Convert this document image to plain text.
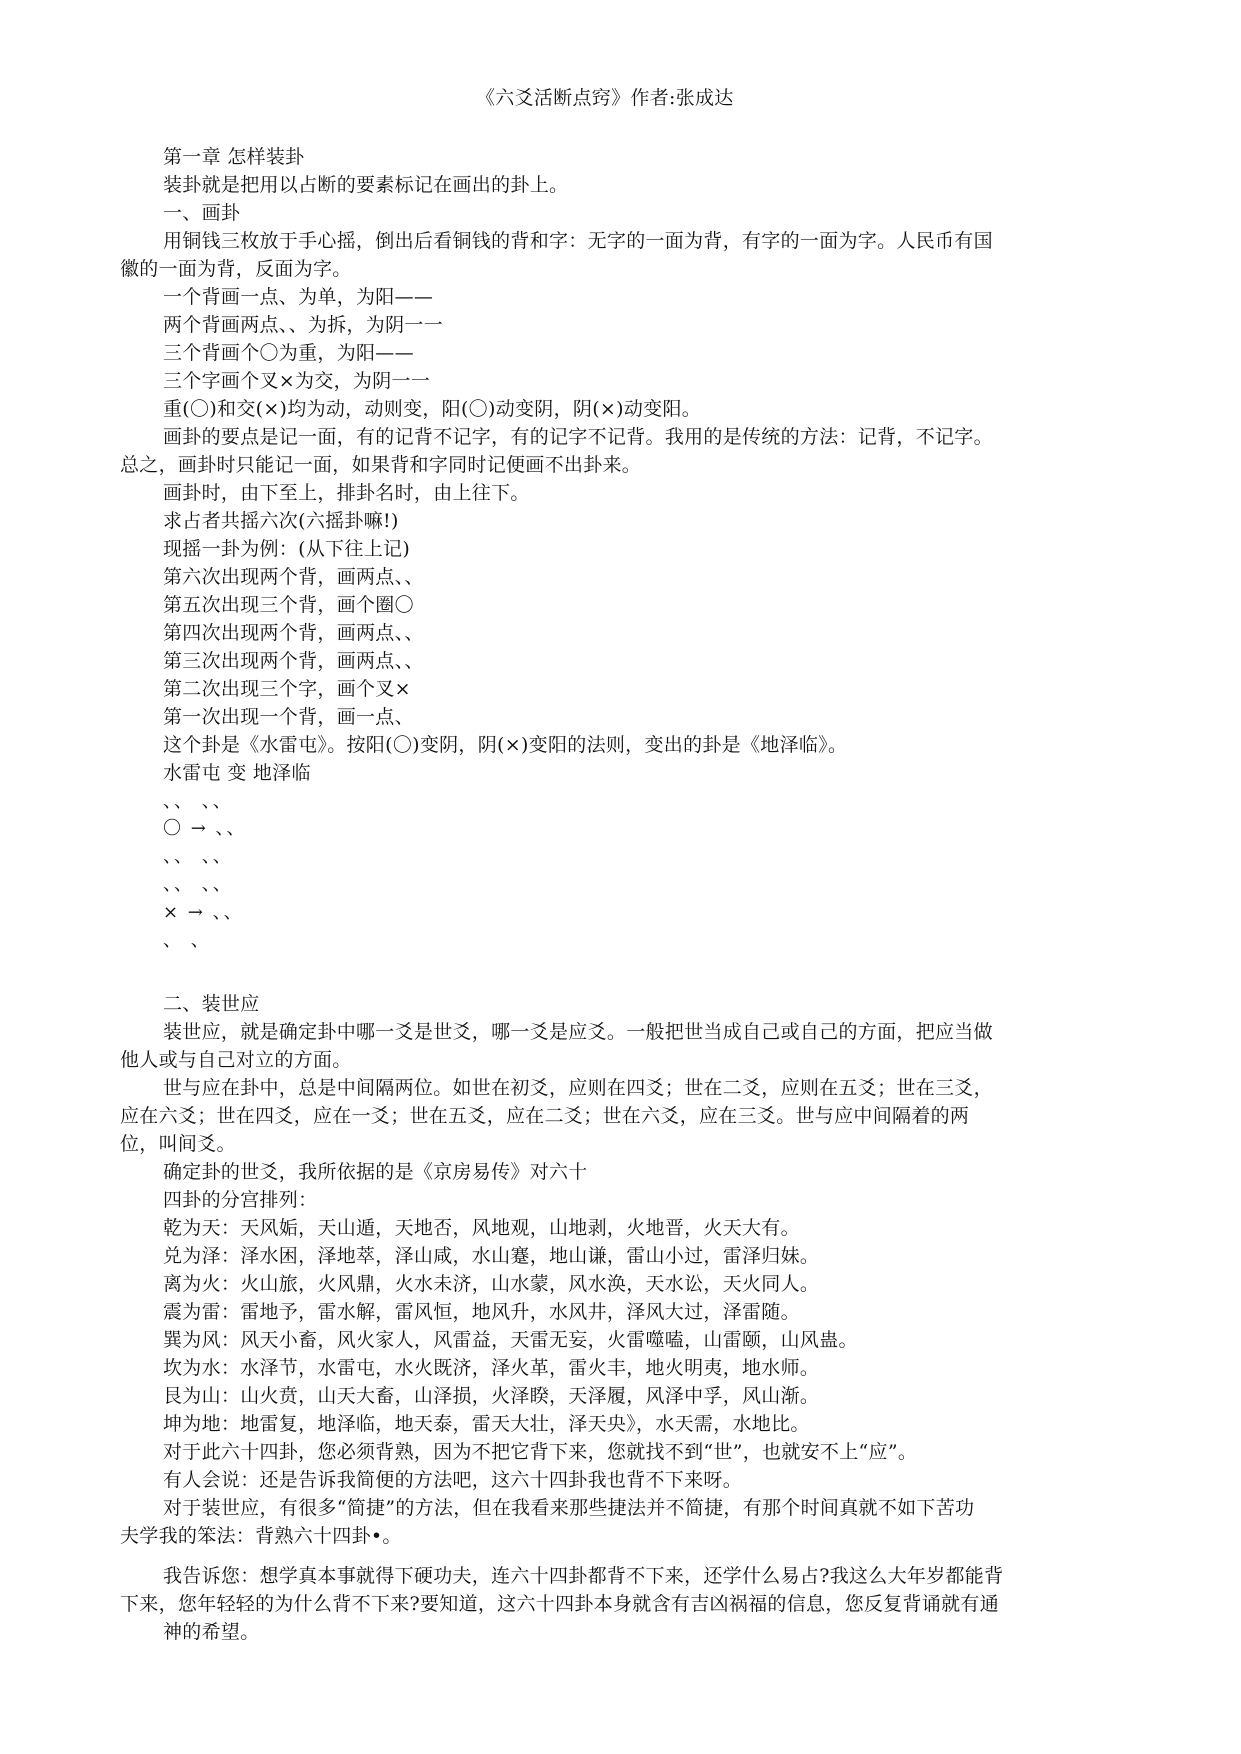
《六爻活断点窍》作者:张成达
第一章 怎样装卦
装卦就是把用以占断的要素标记在画出的卦上。
一、画卦
用铜钱三枚放于手心摇，倒出后看铜钱的背和字：无字的一面为背，有字的一面为字。人民币有国
徽的一面为背，反面为字。
一个背画一点、为单，为阳——
两个背画两点、、为拆，为阴一一
三个背画个〇为重，为阳——
三个字画个叉×为交，为阴一一
重(〇)和交(×)均为动，动则变，阳(〇)动变阴，阴(×)动变阳。
画卦的要点是记一面，有的记背不记字，有的记字不记背。我用的是传统的方法：记背，不记字。
总之，画卦时只能记一面，如果背和字同时记便画不出卦来。
画卦时，由下至上，排卦名时，由上往下。
求占者共摇六次(六摇卦嘛!)
现摇一卦为例：(从下往上记)
第六次出现两个背，画两点、、
第五次出现三个背，画个圈〇
第四次出现两个背，画两点、、
第三次出现两个背，画两点、、
第二次出现三个字，画个叉×
第一次出现一个背，画一点、
这个卦是《水雷屯》。按阳(〇)变阴，阴(×)变阳的法则，变出的卦是《地泽临》。
水雷屯 变 地泽临
、、 、、
〇 → 、、
、、 、、
、、 、、
× → 、、
、 、
二、装世应
装世应，就是确定卦中哪一爻是世爻，哪一爻是应爻。一般把世当成自己或自己的方面，把应当做
他人或与自己对立的方面。
世与应在卦中，总是中间隔两位。如世在初爻，应则在四爻；世在二爻，应则在五爻；世在三爻，
应在六爻；世在四爻，应在一爻；世在五爻，应在二爻；世在六爻，应在三爻。世与应中间隔着的两
位，叫间爻。
确定卦的世爻，我所依据的是《京房易传》对六十
四卦的分宫排列：
乾为天：天风姤，天山遁，天地否，风地观，山地剥，火地晋，火天大有。
兑为泽：泽水困，泽地萃，泽山咸，水山蹇，地山谦，雷山小过，雷泽归妹。
离为火：火山旅，火风鼎，火水未济，山水蒙，风水涣，天水讼，天火同人。
震为雷：雷地予，雷水解，雷风恒，地风升，水风井，泽风大过，泽雷随。
巽为风：风天小畜，风火家人，风雷益，天雷无妄，火雷噬嗑，山雷颐，山风蛊。
坎为水：水泽节，水雷屯，水火既济，泽火革，雷火丰，地火明夷，地水师。
艮为山：山火贲，山天大畜，山泽损，火泽睽，天泽履，风泽中孚，风山渐。
坤为地：地雷复，地泽临，地天泰，雷天大壮，泽天央》，水天需，水地比。
对于此六十四卦，您必须背熟，因为不把它背下来，您就找不到“世”，也就安不上“应”。
有人会说：还是告诉我简便的方法吧，这六十四卦我也背不下来呀。
对于装世应，有很多“简捷”的方法，但在我看来那些捷法并不简捷，有那个时间真就不如下苦功
夫学我的笨法：背熟六十四卦•。
我告诉您：想学真本事就得下硬功夫，连六十四卦都背不下来，还学什么易占?我这么大年岁都能背
下来，您年轻轻的为什么背不下来?要知道，这六十四卦本身就含有吉凶祸福的信息，您反复背诵就有通
神的希望。
